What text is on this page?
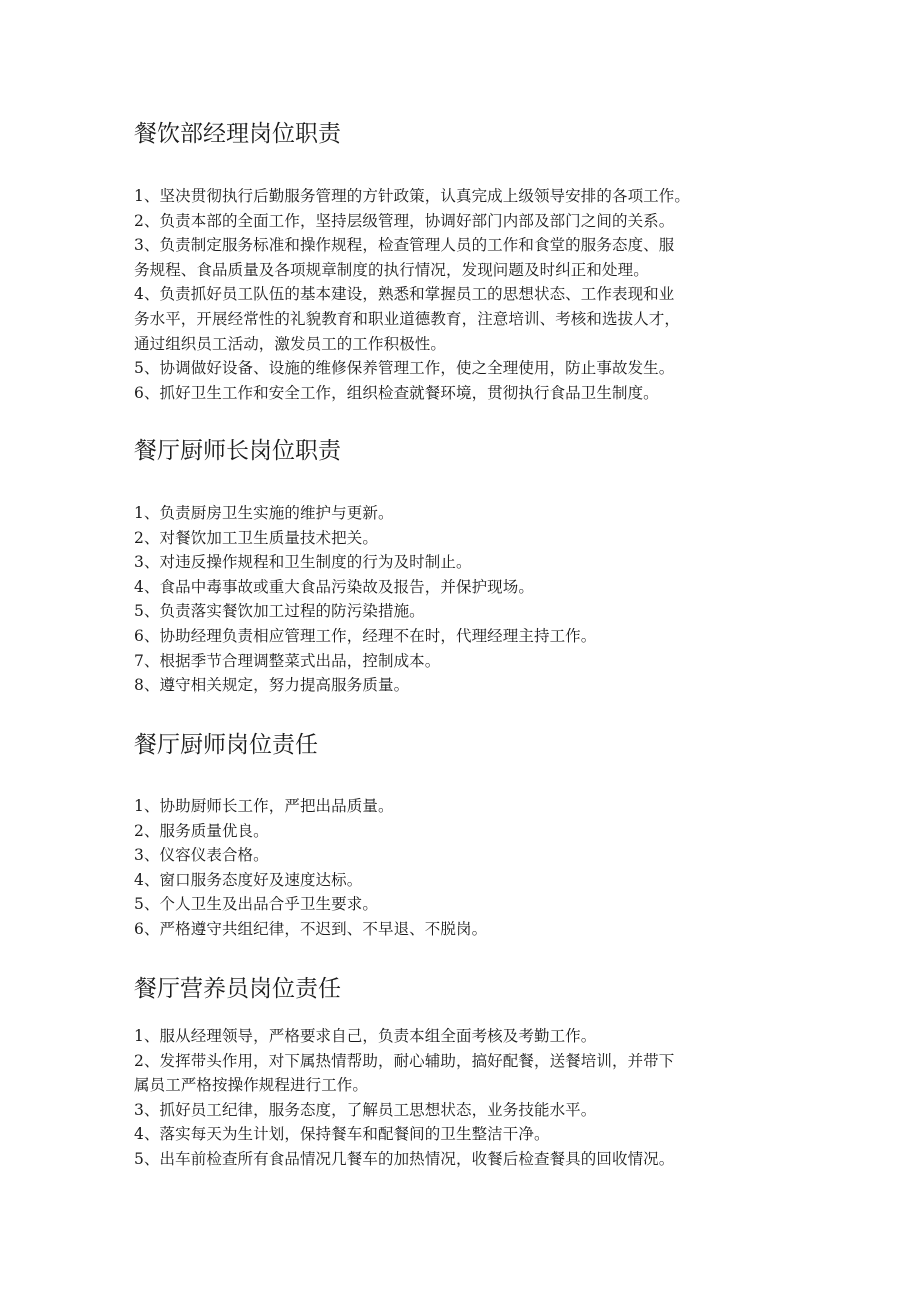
餐饮部经理岗位职责
1、坚决贯彻执行后勤服务管理的方针政策，认真完成上级领导安排的各项工作。
2、负责本部的全面工作，坚持层级管理，协调好部门内部及部门之间的关系。
3、负责制定服务标准和操作规程，检查管理人员的工作和食堂的服务态度、服
务规程、食品质量及各项规章制度的执行情况，发现问题及时纠正和处理。
4、负责抓好员工队伍的基本建设，熟悉和掌握员工的思想状态、工作表现和业
务水平，开展经常性的礼貌教育和职业道德教育，注意培训、考核和选拔人才，
通过组织员工活动，激发员工的工作积极性。
5、协调做好设备、设施的维修保养管理工作，使之全理使用，防止事故发生。
6、抓好卫生工作和安全工作，组织检查就餐环境，贯彻执行食品卫生制度。
餐厅厨师长岗位职责
1、负责厨房卫生实施的维护与更新。
2、对餐饮加工卫生质量技术把关。
3、对违反操作规程和卫生制度的行为及时制止。
4、食品中毒事故或重大食品污染故及报告，并保护现场。
5、负责落实餐饮加工过程的防污染措施。
6、协助经理负责相应管理工作，经理不在时，代理经理主持工作。
7、根据季节合理调整菜式出品，控制成本。
8、遵守相关规定，努力提高服务质量。
餐厅厨师岗位责任
1、协助厨师长工作，严把出品质量。
2、服务质量优良。
3、仪容仪表合格。
4、窗口服务态度好及速度达标。
5、个人卫生及出品合乎卫生要求。
6、严格遵守共组纪律，不迟到、不早退、不脱岗。
餐厅营养员岗位责任
1、服从经理领导，严格要求自己，负责本组全面考核及考勤工作。
2、发挥带头作用，对下属热情帮助，耐心辅助，搞好配餐，送餐培训，并带下
属员工严格按操作规程进行工作。
3、抓好员工纪律，服务态度，了解员工思想状态，业务技能水平。
4、落实每天为生计划，保持餐车和配餐间的卫生整洁干净。
5、出车前检查所有食品情况几餐车的加热情况，收餐后检查餐具的回收情况。
